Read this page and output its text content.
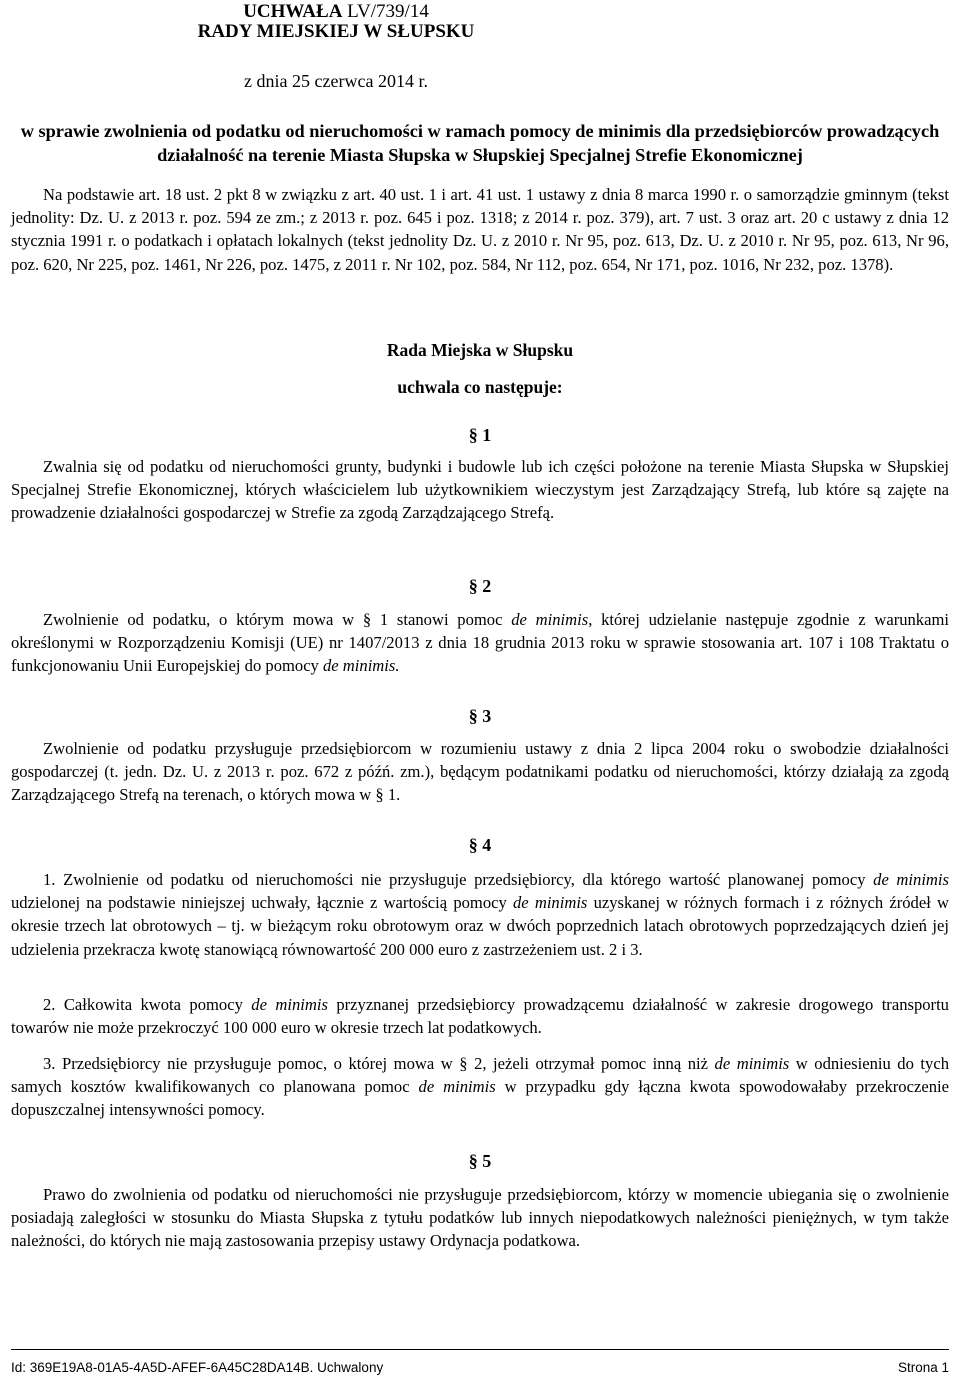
UCHWAŁA LV/739/14
RADY MIEJSKIEJ W SŁUPSKU
z dnia 25 czerwca 2014 r.
w sprawie zwolnienia od podatku od nieruchomości w ramach pomocy de minimis dla przedsiębiorców prowadzących działalność na terenie Miasta Słupska w Słupskiej Specjalnej Strefie Ekonomicznej
Na podstawie art. 18 ust. 2 pkt 8 w związku z art. 40 ust. 1 i art. 41 ust. 1 ustawy z dnia 8 marca 1990 r. o samorządzie gminnym (tekst jednolity: Dz. U. z 2013 r. poz. 594 ze zm.; z 2013 r. poz. 645 i poz. 1318; z 2014 r. poz. 379), art. 7 ust. 3 oraz art. 20 c ustawy z dnia 12 stycznia 1991 r. o podatkach i opłatach lokalnych (tekst jednolity Dz. U. z 2010 r. Nr 95, poz. 613, Dz. U. z 2010 r. Nr 95, poz. 613, Nr 96, poz. 620, Nr 225, poz. 1461, Nr 226, poz. 1475, z 2011 r. Nr 102, poz. 584, Nr 112, poz. 654, Nr 171, poz. 1016, Nr 232, poz. 1378).
Rada Miejska w Słupsku
uchwala co następuje:
§ 1
Zwalnia się od podatku od nieruchomości grunty, budynki i budowle lub ich części położone na terenie Miasta Słupska w Słupskiej Specjalnej Strefie Ekonomicznej, których właścicielem lub użytkownikiem wieczystym jest Zarządzający Strefą, lub które są zajęte na prowadzenie działalności gospodarczej w Strefie za zgodą Zarządzającego Strefą.
§ 2
Zwolnienie od podatku, o którym mowa w § 1 stanowi pomoc de minimis, której udzielanie następuje zgodnie z warunkami określonymi w Rozporządzeniu Komisji (UE) nr 1407/2013 z dnia 18 grudnia 2013 roku w sprawie stosowania art. 107 i 108 Traktatu o funkcjonowaniu Unii Europejskiej do pomocy de minimis.
§ 3
Zwolnienie od podatku przysługuje przedsiębiorcom w rozumieniu ustawy z dnia 2 lipca 2004 roku o swobodzie działalności gospodarczej (t. jedn. Dz. U. z 2013 r. poz. 672 z późń. zm.), będącym podatnikami podatku od nieruchomości, którzy działają za zgodą Zarządzającego Strefą na terenach, o których mowa w § 1.
§ 4
1. Zwolnienie od podatku od nieruchomości nie przysługuje przedsiębiorcy, dla którego wartość planowanej pomocy de minimis udzielonej na podstawie niniejszej uchwały, łącznie z wartością pomocy de minimis uzyskanej w różnych formach i z różnych źródeł w okresie trzech lat obrotowych – tj. w bieżącym roku obrotowym oraz w dwóch poprzednich latach obrotowych poprzedzających dzień jej udzielenia przekracza kwotę stanowiącą równowartość 200 000 euro z zastrzeżeniem ust. 2 i 3.
2. Całkowita kwota pomocy de minimis przyznanej przedsiębiorcy prowadzącemu działalność w zakresie drogowego transportu towarów nie może przekroczyć 100 000 euro w okresie trzech lat podatkowych.
3. Przedsiębiorcy nie przysługuje pomoc, o której mowa w § 2, jeżeli otrzymał pomoc inną niż de minimis w odniesieniu do tych samych kosztów kwalifikowanych co planowana pomoc de minimis w przypadku gdy łączna kwota spowodowałaby przekroczenie dopuszczalnej intensywności pomocy.
§ 5
Prawo do zwolnienia od podatku od nieruchomości nie przysługuje przedsiębiorcom, którzy w momencie ubiegania się o zwolnienie posiadają zaległości w stosunku do Miasta Słupska z tytułu podatków lub innych niepodatkowych należności pieniężnych, w tym także należności, do których nie mają zastosowania przepisy ustawy Ordynacja podatkowa.
Id: 369E19A8-01A5-4A5D-AFEF-6A45C28DA14B. Uchwalony	Strona 1
